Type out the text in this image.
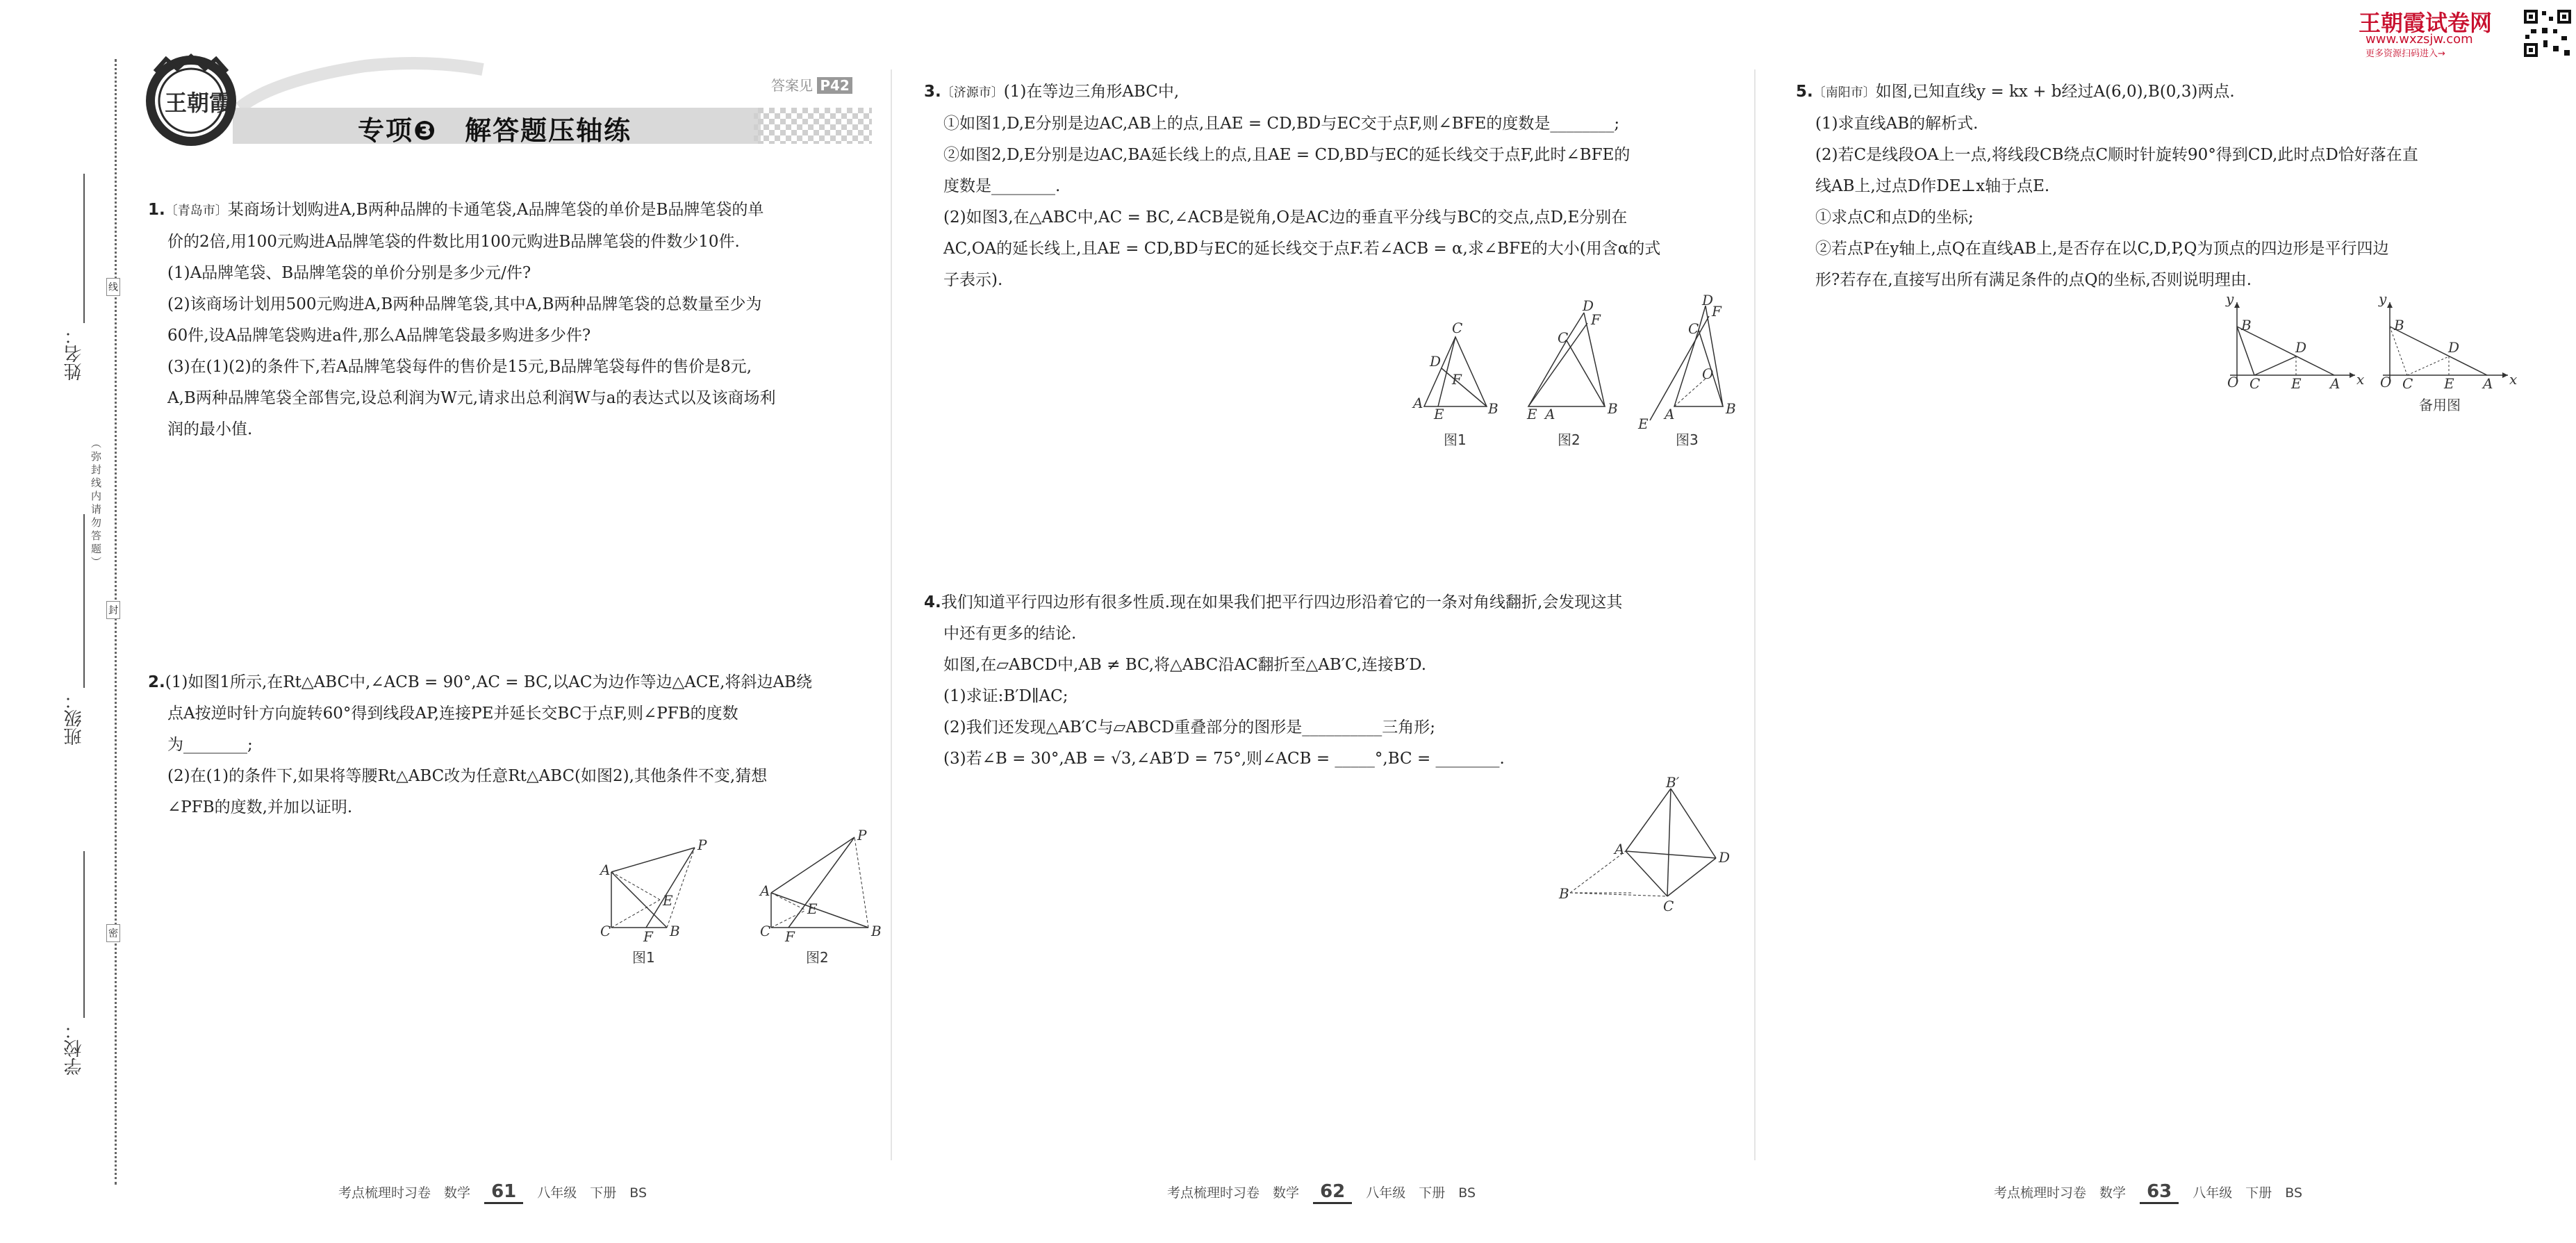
姓名：
班级：
学校：
（弥封线内请勿答题）
线
封
密
王朝霞
专项❸　解答题压轴练
答案见 P42
王朝霞试卷网
www.wxzsjw.com
更多资源扫码进入→

1.〔青岛市〕某商场计划购进A,B两种品牌的卡通笔袋,A品牌笔袋的单价是B品牌笔袋的单

价的2倍,用100元购进A品牌笔袋的件数比用100元购进B品牌笔袋的件数少10件.

(1)A品牌笔袋、B品牌笔袋的单价分别是多少元/件?

(2)该商场计划用500元购进A,B两种品牌笔袋,其中A,B两种品牌笔袋的总数量至少为

60件,设A品牌笔袋购进a件,那么A品牌笔袋最多购进多少件?

(3)在(1)(2)的条件下,若A品牌笔袋每件的售价是15元,B品牌笔袋每件的售价是8元,

A,B两种品牌笔袋全部售完,设总利润为W元,请求出总利润W与a的表达式以及该商场利

润的最小值.

2.(1)如图1所示,在Rt△ABC中,∠ACB = 90°,AC = BC,以AC为边作等边△ACE,将斜边AB绕

点A按逆时针方向旋转60°得到线段AP,连接PE并延长交BC于点F,则∠PFB的度数

为________;

(2)在(1)的条件下,如果将等腰Rt△ABC改为任意Rt△ABC(如图2),其他条件不变,猜想

∠PFB的度数,并加以证明.

A
P
E
C F B
图1
A
P
E
C F	B
图2

3.〔济源市〕(1)在等边三角形ABC中,

①如图1,D,E分别是边AC,AB上的点,且AE = CD,BD与EC交于点F,则∠BFE的度数是________;

②如图2,D,E分别是边AC,BA延长线上的点,且AE = CD,BD与EC的延长线交于点F,此时∠BFE的

度数是________.

(2)如图3,在△ABC中,AC = BC,∠ACB是锐角,O是AC边的垂直平分线与BC的交点,点D,E分别在

AC,OA的延长线上,且AE = CD,BD与EC的延长线交于点F.若∠ACB = α,求∠BFE的大小(用含α的式

子表示).

A	B
C
D
E
F
图1
E A	B
C
D
F
图2
E
A	B
C
D
F
O
图3

4.我们知道平行四边形有很多性质.现在如果我们把平行四边形沿着它的一条对角线翻折,会发现这其

中还有更多的结论.

如图,在▱ABCD中,AB ≠ BC,将△ABC沿AC翻折至△AB′C,连接B′D.

(1)求证:B′D∥AC;

(2)我们还发现△AB′C与▱ABCD重叠部分的图形是__________三角形;

(3)若∠B = 30°,AB = √3,∠AB′D = 75°,则∠ACB = _____°,BC = ________.

B′
A	D
B
C

5.〔南阳市〕如图,已知直线y = kx + b经过A(6,0),B(0,3)两点.

(1)求直线AB的解析式.

(2)若C是线段OA上一点,将线段CB绕点C顺时针旋转90°得到CD,此时点D恰好落在直

线AB上,过点D作DE⊥x轴于点E.

①求点C和点D的坐标;

②若点P在y轴上,点Q在直线AB上,是否存在以C,D,P,Q为顶点的四边形是平行四边

形?若存在,直接写出所有满足条件的点Q的坐标,否则说明理由.

y
x
B
D
O C E A
y
x
B
D
O C E A
备用图
考点梳理时习卷　数学 61 八年级　下册　BS	考点梳理时习卷　数学 62 八年级　下册　BS	考点梳理时习卷　数学 63 八年级　下册　BS
